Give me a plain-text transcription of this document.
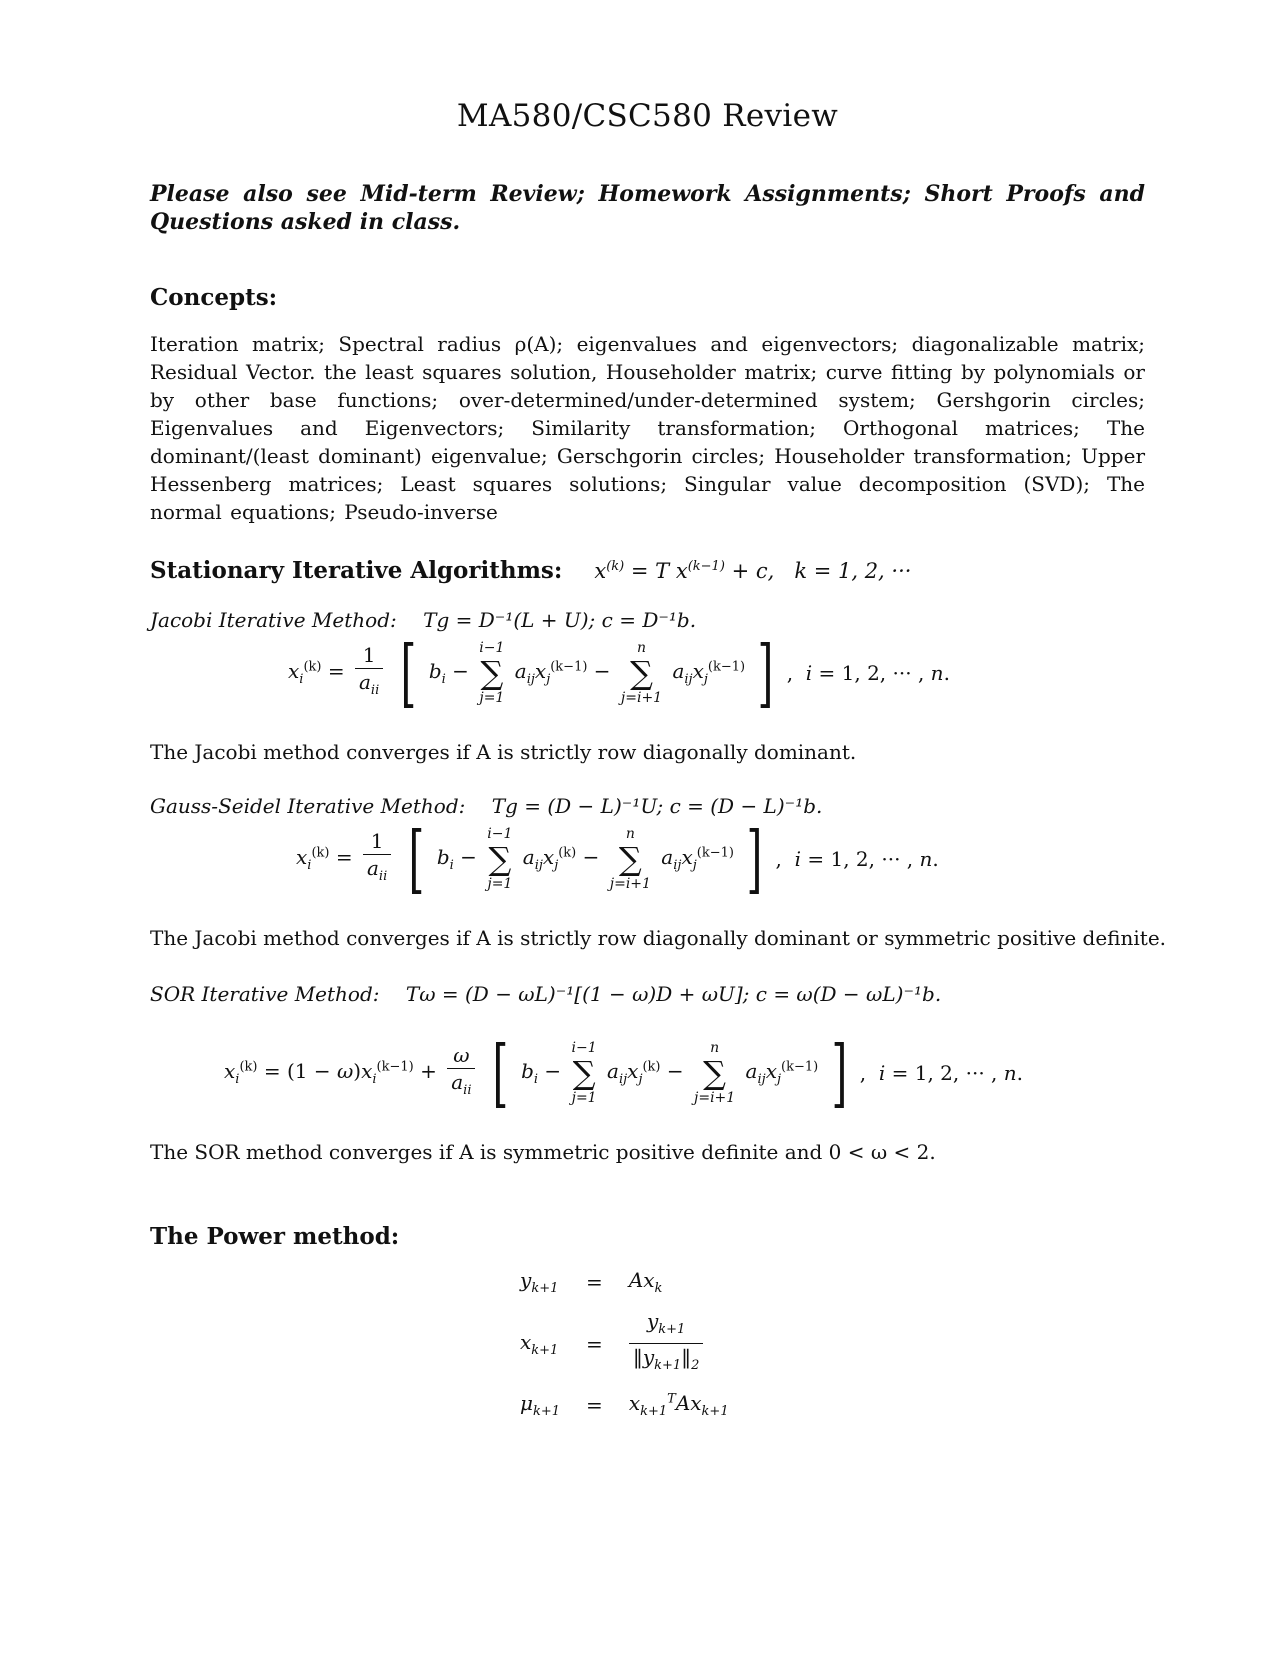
MA580/CSC580 Review
Please also see Mid-term Review; Homework Assignments; Short Proofs and Questions asked in class.
Concepts:
Iteration matrix; Spectral radius ρ(A); eigenvalues and eigenvectors; diagonalizable matrix; Residual Vector. the least squares solution, Householder matrix; curve fitting by polynomials or by other base functions; over-determined/under-determined system; Gershgorin circles; Eigenvalues and Eigenvectors; Similarity transformation; Orthogonal matrices; The dominant/(least dominant) eigenvalue; Gerschgorin circles; Householder transformation; Upper Hessenberg matrices; Least squares solutions; Singular value decomposition (SVD); The normal equations; Pseudo-inverse
Stationary Iterative Algorithms: $x^{(k)} = T$ $x^{(k-1)} + c$,   k = 1, 2, ···
Jacobi Iterative Method: Tg = D⁻¹(L + U); c = D⁻¹b.
$x_i^{(k)} = \frac{1}{a_{ii}}$ [ $b_i$ −
i−1
∑
j=1
$a_{ij}x_j^{(k-1)}$ −
n
∑
j=i+1
$a_{ij}x_j^{(k-1)}$ ] ,  i = 1, 2, ··· , n.
The Jacobi method converges if A is strictly row diagonally dominant.
Gauss-Seidel Iterative Method: Tg = (D − L)⁻¹U; c = (D − L)⁻¹b.
$x_i^{(k)} = \frac{1}{a_{ii}}$ [ $b_i$ −
i−1
∑
j=1
$a_{ij}x_j^{(k)}$ −
n
∑
j=i+1
$a_{ij}x_j^{(k-1)}$ ] ,  i = 1, 2, ··· , n.
The Jacobi method converges if A is strictly row diagonally dominant or symmetric positive definite.
SOR Iterative Method: Tω = (D − ωL)⁻¹[(1 − ω)D + ωU]; c = ω(D − ωL)⁻¹b.
$x_i^{(k)} = (1 - \omega)x_i^{(k-1)} + \frac{\omega}{a_{ii}}$ [ $b_i$ −
i−1
∑
j=1
$a_{ij}x_j^{(k)}$ −
n
∑
j=i+1
$a_{ij}x_j^{(k-1)}$ ] ,  i = 1, 2, ··· , n.
The SOR method converges if A is symmetric positive definite and 0 < ω < 2.
The Power method:
$y_{k+1}$	=	$Ax_k$
$x_{k+1}$	=	$\frac{y_{k+1}}{‖y_{k+1}‖_2}$

$\mu_{k+1}$	=	$x_{k+1}^TAx_{k+1}$
